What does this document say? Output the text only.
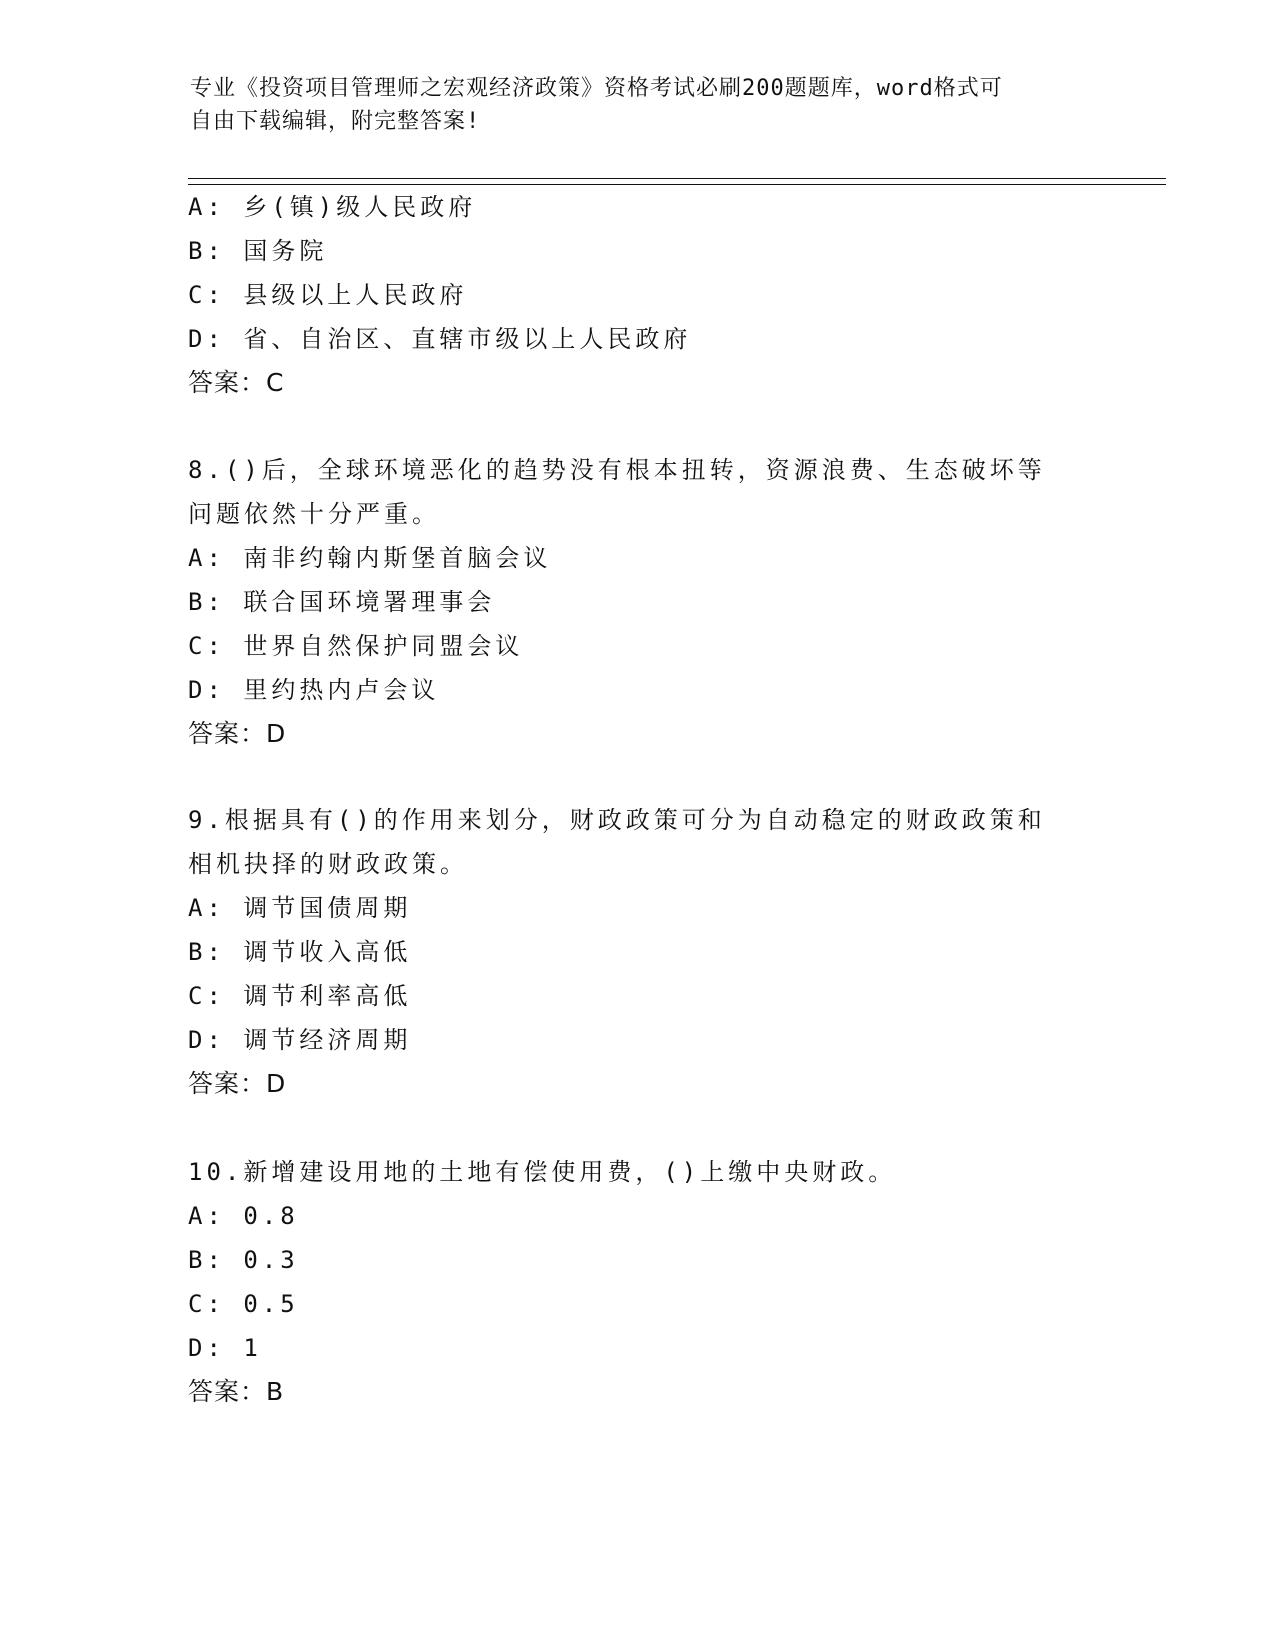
专业《投资项目管理师之宏观经济政策》资格考试必刷200题题库，word格式可
自由下载编辑，附完整答案!
A: 乡(镇)级人民政府
B: 国务院
C: 县级以上人民政府
D: 省、自治区、直辖市级以上人民政府
答案：C
8.()后，全球环境恶化的趋势没有根本扭转，资源浪费、生态破坏等
问题依然十分严重。
A: 南非约翰内斯堡首脑会议
B: 联合国环境署理事会
C: 世界自然保护同盟会议
D: 里约热内卢会议
答案：D
9.根据具有()的作用来划分，财政政策可分为自动稳定的财政政策和
相机抉择的财政政策。
A: 调节国债周期
B: 调节收入高低
C: 调节利率高低
D: 调节经济周期
答案：D
10.新增建设用地的土地有偿使用费，()上缴中央财政。
A: 0.8
B: 0.3
C: 0.5
D: 1
答案：B
